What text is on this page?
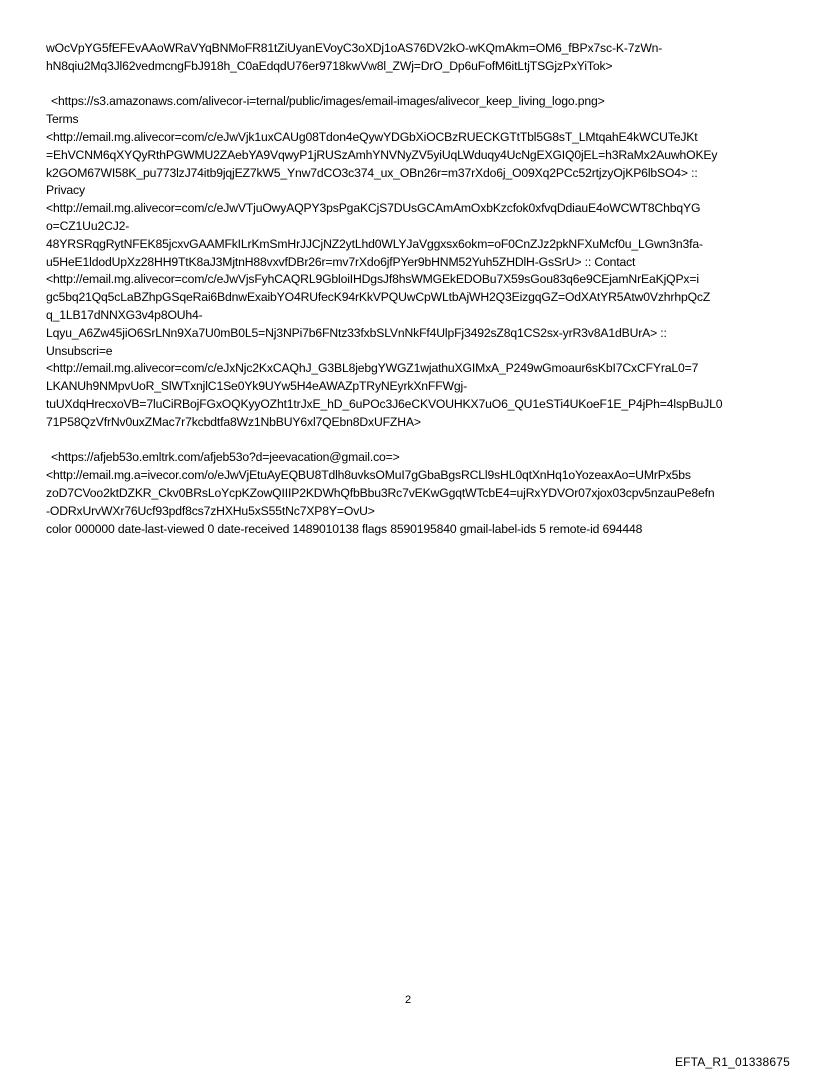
wOcVpYG5fEFEvAAoWRaVYqBNMoFR81tZiUyanEVoyC3oXDj1oAS76DV2kO-wKQmAkm=OM6_fBPx7sc-K-7zWn-
hN8qiu2Mq3Jl62vedmcngFbJ918h_C0aEdqdU76er9718kwVw8l_ZWj=DrO_Dp6uFofM6itLtjTSGjzPxYiTok>
<https://s3.amazonaws.com/alivecor-i=ternal/public/images/email-images/alivecor_keep_living_logo.png>
Terms
<http://email.mg.alivecor=com/c/eJwVjk1uxCAUg08Tdon4eQywYDGbXiOCBzRUECKGTtTbl5G8sT_LMtqahE4kWCUTeJKt
=EhVCNM6qXYQyRthPGWMU2ZAebYA9VqwyP1jRUSzAmhYNVNyZV5yiUqLWduqy4UcNgEXGIQ0jEL=h3RaMx2AuwhOKEy
k2GOM67WI58K_pu773lzJ74itb9jqjEZ7kW5_Ynw7dCO3c374_ux_OBn26r=m37rXdo6j_O09Xq2PCc52rtjzyOjKP6lbSO4> ::
Privacy
<http://email.mg.alivecor=com/c/eJwVTjuOwyAQPY3psPgaKCjS7DUsGCAmAmOxbKzcfok0xfvqDdiauE4oWCWT8ChbqYG
o=CZ1Uu2CJ2-
48YRSRqgRytNFEK85jcxvGAAMFkILrKmSmHrJJCjNZ2ytLhd0WLYJaVggxsx6okm=oF0CnZJz2pkNFXuMcf0u_LGwn3n3fa-
u5HeE1ldodUpXz28HH9TtK8aJ3MjtnH88vxvfDBr26r=mv7rXdo6jfPYer9bHNM52Yuh5ZHDlH-GsSrU> :: Contact
<http://email.mg.alivecor=com/c/eJwVjsFyhCAQRL9GbloiIHDgsJf8hsWMGEkEDOBu7X59sGou83q6e9CEjamNrEaKjQPx=i
gc5bq21Qq5cLaBZhpGSqeRai6BdnwExaibYO4RUfecK94rKkVPQUwCpWLtbAjWH2Q3EizgqGZ=OdXAtYR5Atw0VzhrhpQcZ
q_1LB17dNNXG3v4p8OUh4-
Lqyu_A6Zw45jiO6SrLNn9Xa7U0mB0L5=Nj3NPi7b6FNtz33fxbSLVnNkFf4UlpFj3492sZ8q1CS2sx-yrR3v8A1dBUrA> ::
Unsubscri=e
<http://email.mg.alivecor=com/c/eJxNjc2KxCAQhJ_G3BL8jebgYWGZ1wjathuXGIMxA_P249wGmoaur6sKbI7CxCFYraL0=7
LKANUh9NMpvUoR_SlWTxnjlC1Se0Yk9UYw5H4eAWAZpTRyNEyrkXnFFWgj-
tuUXdqHrecxoVB=7luCiRBojFGxOQKyyOZht1trJxE_hD_6uPOc3J6eCKVOUHKX7uO6_QU1eSTi4UKoeF1E_P4jPh=4lspBuJL0
71P58QzVfrNv0uxZMac7r7kcbdtfa8Wz1NbBUY6xl7QEbn8DxUFZHA>
<https://afjeb53o.emltrk.com/afjeb53o?d=jeevacation@gmail.co=>
<http://email.mg.a=ivecor.com/o/eJwVjEtuAyEQBU8Tdlh8uvksOMuI7gGbaBgsRCLl9sHL0qtXnHq1oYozeaxAo=UMrPx5bs
zoD7CVoo2ktDZKR_Ckv0BRsLoYcpKZowQIIIP2KDWhQfbBbu3Rc7vEKwGgqtWTcbE4=ujRxYDVOr07xjox03cpv5nzauPe8efn
-ODRxUrvWXr76Ucf93pdf8cs7zHXHu5xS55tNc7XP8Y=OvU>
color 000000 date-last-viewed 0 date-received 1489010138 flags 8590195840 gmail-label-ids 5 remote-id 694448
2
EFTA_R1_01338675
